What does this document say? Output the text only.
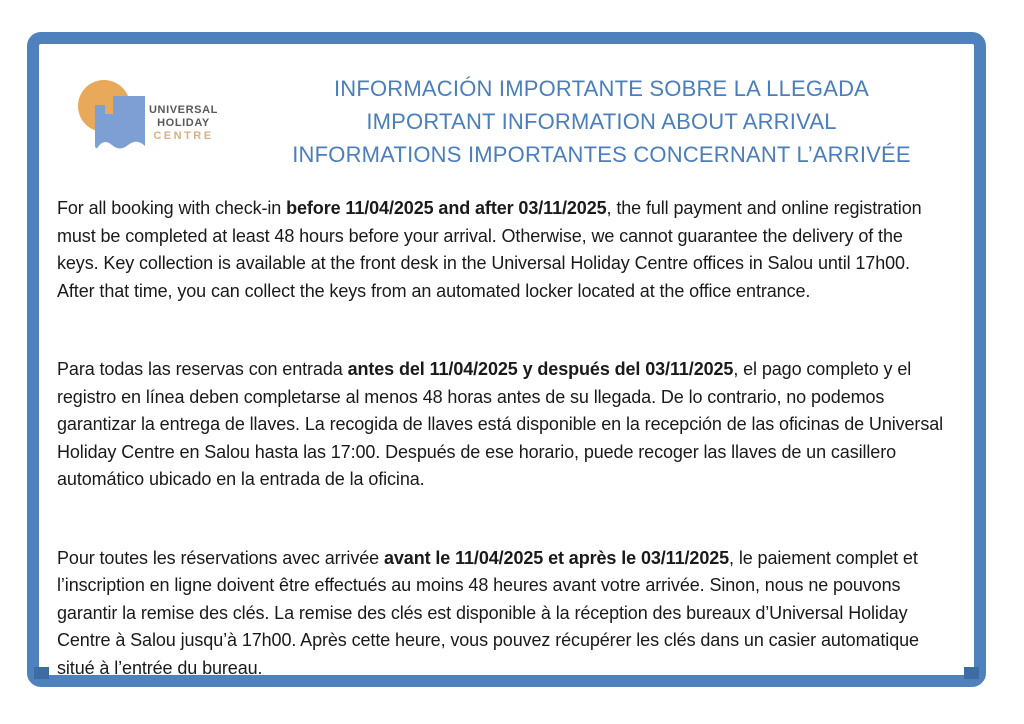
UNIVERSAL
HOLIDAY
CENTRE
INFORMACIÓN IMPORTANTE SOBRE LA LLEGADA
IMPORTANT INFORMATION ABOUT ARRIVAL
INFORMATIONS IMPORTANTES CONCERNANT L’ARRIVÉE

For all booking with check-in before 11/04/2025 and after 03/11/2025, the full payment and online registration must be completed at least 48 hours before your arrival. Otherwise, we cannot guarantee the delivery of the keys. Key collection is available at the front desk in the Universal Holiday Centre offices in Salou until 17h00. After that time, you can collect the keys from an automated locker located at the office entrance.

Para todas las reservas con entrada antes del 11/04/2025 y después del 03/11/2025, el pago completo y el registro en línea deben completarse al menos 48 horas antes de su llegada. De lo contrario, no podemos garantizar la entrega de llaves. La recogida de llaves está disponible en la recepción de las oficinas de Universal Holiday Centre en Salou hasta las 17:00. Después de ese horario, puede recoger las llaves de un casillero automático ubicado en la entrada de la oficina.

Pour toutes les réservations avec arrivée avant le 11/04/2025 et après le 03/11/2025, le paiement complet et l’inscription en ligne doivent être effectués au moins 48 heures avant votre arrivée. Sinon, nous ne pouvons garantir la remise des clés. La remise des clés est disponible à la réception des bureaux d’Universal Holiday Centre à Salou jusqu’à 17h00. Après cette heure, vous pouvez récupérer les clés dans un casier automatique situé à l’entrée du bureau.
